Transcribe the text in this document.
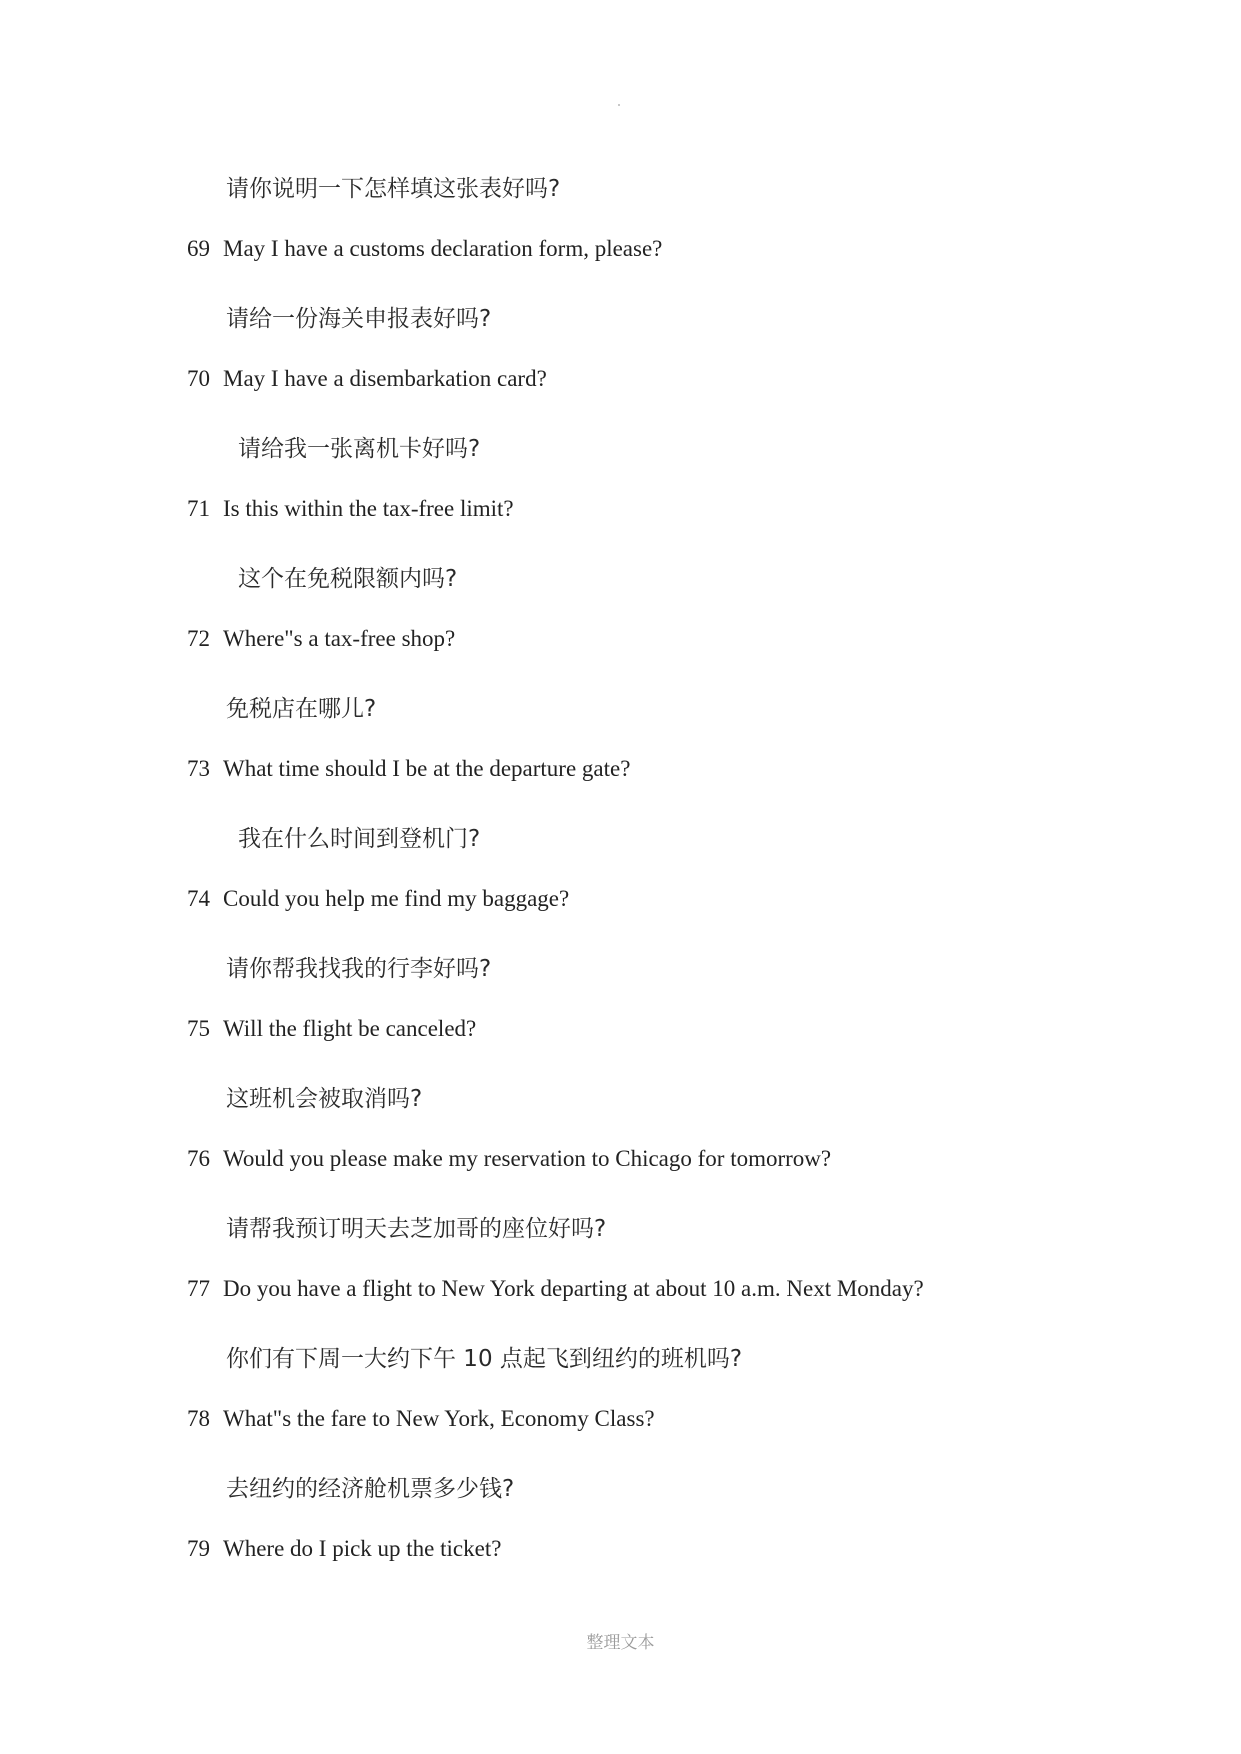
请你说明一下怎样填这张表好吗?
69 May I have a customs declaration form, please?
请给一份海关申报表好吗?
70 May I have a disembarkation card?
请给我一张离机卡好吗?
71 Is this within the tax-free limit?
这个在免税限额内吗?
72 Where"s a tax-free shop?
免税店在哪儿?
73 What time should I be at the departure gate?
我在什么时间到登机门?
74 Could you help me find my baggage?
请你帮我找我的行李好吗?
75 Will the flight be canceled?
这班机会被取消吗?
76 Would you please make my reservation to Chicago for tomorrow?
请帮我预订明天去芝加哥的座位好吗?
77 Do you have a flight to New York departing at about 10 a.m. Next Monday?
你们有下周一大约下午 10 点起飞到纽约的班机吗?
78 What"s the fare to New York, Economy Class?
去纽约的经济舱机票多少钱?
79 Where do I pick up the ticket?
整理文本
